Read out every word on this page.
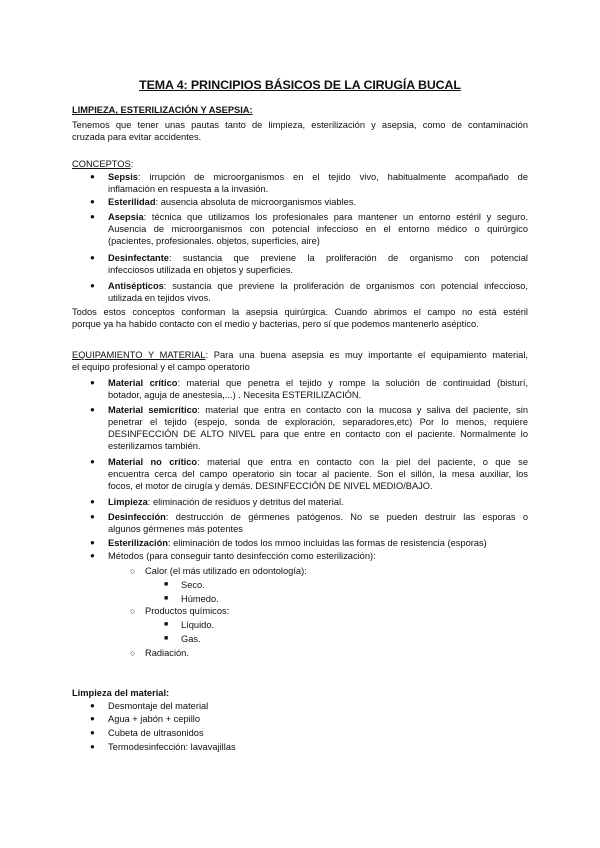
TEMA 4: PRINCIPIOS BÁSICOS DE LA CIRUGÍA BUCAL
LIMPIEZA, ESTERILIZACIÓN Y ASEPSIA:
Tenemos que tener unas pautas tanto de limpieza, esterilización y asepsia, como de contaminación
cruzada para evitar accidentes.
CONCEPTOS:
● Sepsis: irrupción de microorganismos en el tejido vivo, habitualmente acompañado de
inflamación en respuesta a la invasión.
● Esterilidad: ausencia absoluta de microorganismos viables.
● Asepsia: técnica que utilizamos los profesionales para mantener un entorno estéril y seguro.
Ausencia de microorganismos con potencial infeccioso en el entorno médico o quirúrgico
(pacientes, profesionales. objetos, superficies, aire)
● Desinfectante: sustancia que previene la proliferación de organismo con potencial
infecciosos utilizada en objetos y superficies.
● Antisépticos: sustancia que previene la proliferación de organismos con potencial infeccioso,
utilizada en tejidos vivos.
Todos estos conceptos conforman la asepsia quirúrgica. Cuando abrimos el campo no está estéril
porque ya ha habido contacto con el medio y bacterias, pero sí que podemos mantenerlo aséptico.
EQUIPAMIENTO Y MATERIAL: Para una buena asepsia es muy importante el equipamiento material,
el equipo profesional y el campo operatorio
● Material crítico: material que penetra el tejido y rompe la solución de continuidad (bisturí,
botador, aguja de anestesia,...) . Necesita ESTERILIZACIÓN.
● Material semicrítico: material que entra en contacto con la mucosa y saliva del paciente, sin
penetrar el tejido (espejo, sonda de exploración, separadores,etc) Por lo menos, requiere
DESINFECCIÓN DE ALTO NIVEL para que entre en contacto con el paciente. Normalmente lo
esterilizamos también.
● Material no crítico: material que entra en contacto con la piel del paciente, o que se
encuentra cerca del campo operatorio sin tocar al paciente. Son el sillón, la mesa auxiliar, los
focos, el motor de cirugía y demás. DESINFECCIÓN DE NIVEL MEDIO/BAJO.
● Limpieza: eliminación de residuos y detritus del material.
● Desinfección: destrucción de gérmenes patógenos. No se pueden destruir las esporas o
algunos gérmenes más potentes
● Esterilización: eliminación de todos los mmoo incluidas las formas de resistencia (esporas)
● Métodos (para conseguir tanto desinfección como esterilización):
○ Calor (el más utilizado en odontología):
■ Seco.
■ Húmedo.
○ Productos químicos:
■ Líquido.
■ Gas.
○ Radiación.
Limpieza del material:
● Desmontaje del material
● Agua + jabón + cepillo
● Cubeta de ultrasonidos
● Termodesinfección: lavavajillas
